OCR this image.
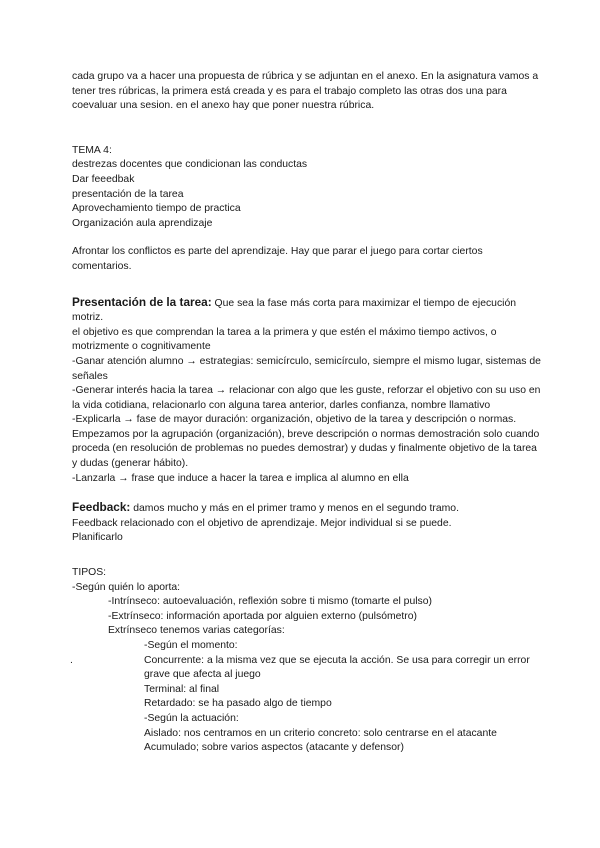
cada grupo va a hacer una propuesta de rúbrica y se adjuntan en el anexo. En la asignatura vamos a tener tres rúbricas, la primera está creada y es para el trabajo completo las otras dos una para coevaluar una sesion. en el anexo hay que poner nuestra rúbrica.

TEMA 4:

destrezas docentes que condicionan las conductas

Dar feeedbak

presentación de la tarea

Aprovechamiento tiempo de practica

Organización aula aprendizaje

Afrontar los conflictos es parte del aprendizaje. Hay que parar el juego para cortar ciertos comentarios.

Presentación de la tarea: Que sea la fase más corta para maximizar el tiempo de ejecución motriz.

el objetivo es que comprendan la tarea a la primera y que estén el máximo tiempo activos, o motrizmente o cognitivamente

-Ganar atención alumno → estrategias: semicírculo, semicírculo, siempre el mismo lugar, sistemas de señales

-Generar interés hacia la tarea → relacionar con algo que les guste, reforzar el objetivo con su uso en la vida cotidiana, relacionarlo con alguna tarea anterior, darles confianza, nombre llamativo

-Explicarla → fase de mayor duración: organización, objetivo de la tarea y descripción o normas. Empezamos por la agrupación (organización), breve descripción o normas demostración solo cuando proceda (en resolución de problemas no puedes demostrar) y dudas y finalmente objetivo de la tarea y dudas (generar hábito).

-Lanzarla → frase que induce a hacer la tarea e implica al alumno en ella

Feedback: damos mucho y más en el primer tramo y menos en el segundo tramo.

Feedback relacionado con el objetivo de aprendizaje. Mejor individual si se puede.

Planificarlo

TIPOS:

-Según quién lo aporta:

-Intrínseco: autoevaluación, reflexión sobre ti mismo (tomarte el pulso)

-Extrínseco: información aportada por alguien externo (pulsómetro)

Extrínseco tenemos varias categorías:

-Según el momento:

.	Concurrente: a la misma vez que se ejecuta la acción. Se usa para corregir un error grave que afecta al juego

Terminal: al final

Retardado: se ha pasado algo de tiempo

-Según la actuación:

Aislado: nos centramos en un criterio concreto: solo centrarse en el atacante

Acumulado; sobre varios aspectos (atacante y defensor)
